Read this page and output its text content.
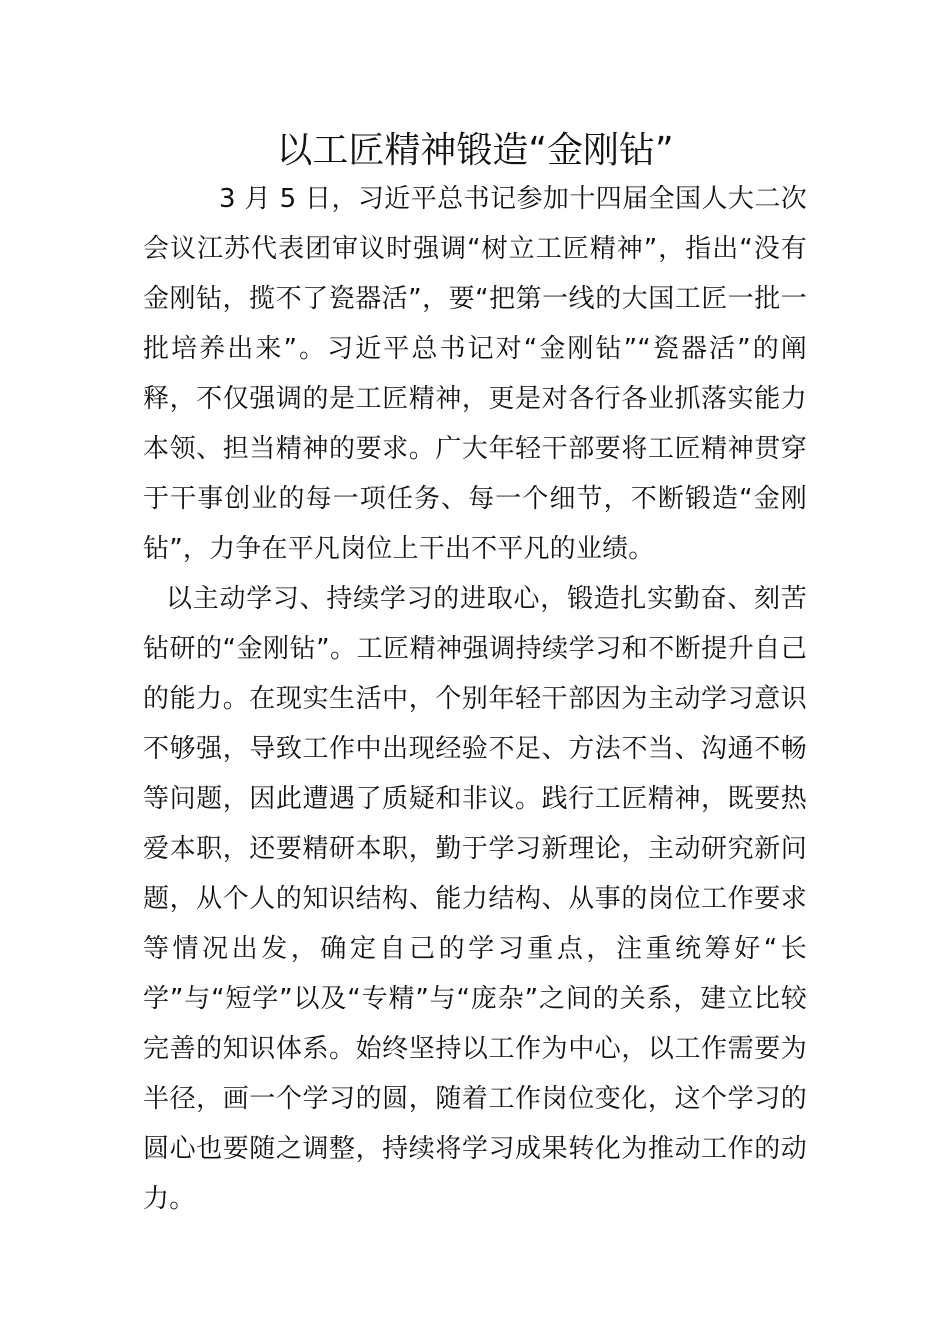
以工匠精神锻造“金刚钻”

3 月 5 日，习近平总书记参加十四届全国人大二次会议江苏代表团审议时强调“树立工匠精神”，指出“没有金刚钻，揽不了瓷器活”，要“把第一线的大国工匠一批一批培养出来”。习近平总书记对“金刚钻”“瓷器活”的阐释，不仅强调的是工匠精神，更是对各行各业抓落实能力本领、担当精神的要求。广大年轻干部要将工匠精神贯穿于干事创业的每一项任务、每一个细节，不断锻造“金刚钻”，力争在平凡岗位上干出不平凡的业绩。

以主动学习、持续学习的进取心，锻造扎实勤奋、刻苦钻研的“金刚钻”。工匠精神强调持续学习和不断提升自己的能力。在现实生活中，个别年轻干部因为主动学习意识不够强，导致工作中出现经验不足、方法不当、沟通不畅等问题，因此遭遇了质疑和非议。践行工匠精神，既要热爱本职，还要精研本职，勤于学习新理论，主动研究新问题，从个人的知识结构、能力结构、从事的岗位工作要求等情况出发，确定自己的学习重点，注重统筹好“长学”与“短学”以及“专精”与“庞杂”之间的关系，建立比较完善的知识体系。始终坚持以工作为中心，以工作需要为半径，画一个学习的圆，随着工作岗位变化，这个学习的圆心也要随之调整，持续将学习成果转化为推动工作的动力。
